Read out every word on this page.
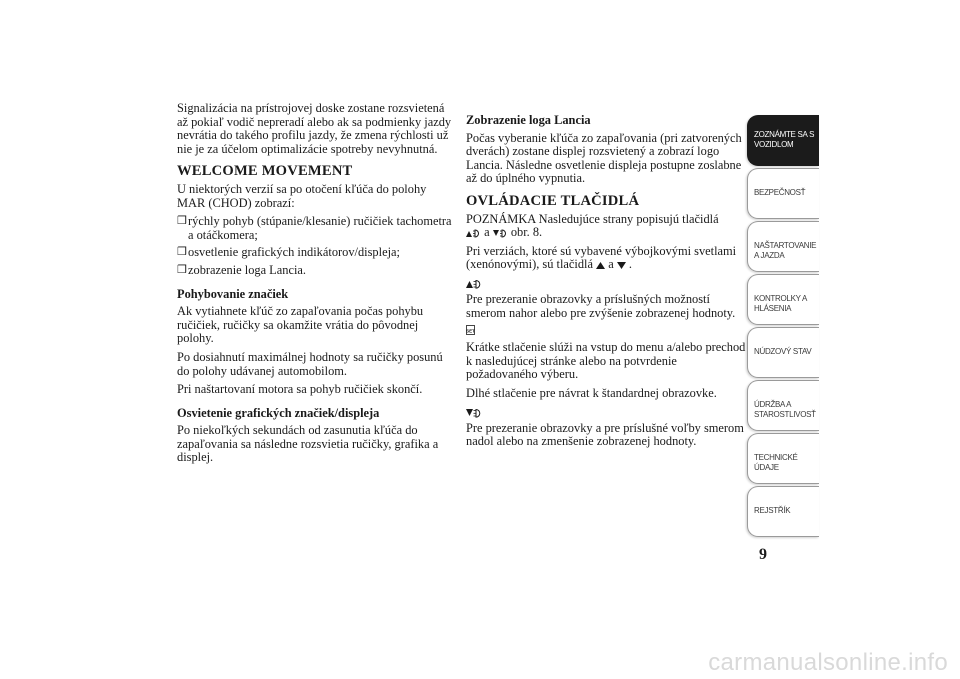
Signalizácia na prístrojovej doske zostane rozsvietená až pokiaľ vodič nepreradí alebo ak sa podmienky jazdy nevrátia do takého profilu jazdy, že zmena rýchlosti už nie je za účelom optimalizácie spotreby nevyhnutná.

WELCOME MOVEMENT

U niektorých verzií sa po otočení kľúča do polohy MAR (CHOD) zobrazí:

❒ rýchly pohyb (stúpanie/klesanie) ručičiek tachometra a otáčkomera;
❒ osvetlenie grafických indikátorov/displeja;
❒ zobrazenie loga Lancia.
Pohybovanie značiek

Ak vytiahnete kľúč zo zapaľovania počas pohybu ručičiek, ručičky sa okamžite vrátia do pôvodnej polohy.

Po dosiahnutí maximálnej hodnoty sa ručičky posunú do polohy udávanej automobilom.

Pri naštartovaní motora sa pohyb ručičiek skončí.

Osvietenie grafických značiek/displeja

Po niekoľkých sekundách od zasunutia kľúča do zapaľovania sa následne rozsvietia ručičky, grafika a displej.

Zobrazenie loga Lancia

Počas vyberanie kľúča zo zapaľovania (pri zatvorených dverách) zostane displej rozsvietený a zobrazí logo Lancia. Následne osvetlenie displeja postupne zoslabne až do úplného vypnutia.

OVLÁDACIE TLAČIDLÁ

POZNÁMKA Nasledujúce strany popisujú tlačidlá

a obr. 8.

Pri verziách, ktoré sú vybavené výbojkovými svetlami (xenónovými), sú tlačidlá a .

Pre prezeranie obrazovky a príslušných možností smerom nahor alebo pre zvýšenie zobrazenej hodnoty.

SET

Krátke stlačenie slúži na vstup do menu a/alebo prechod k nasledujúcej stránke alebo na potvrdenie požadovaného výberu.

Dlhé stlačenie pre návrat k štandardnej obrazovke.

Pre prezeranie obrazovky a pre príslušné voľby smerom nadol alebo na zmenšenie zobrazenej hodnoty.

ZOZNÁMTE SA S
VOZIDLOM
BEZPEČNOSŤ

NAŠTARTOVANIE
A JAZDA
KONTROLKY A
HLÁSENIA
NÚDZOVÝ STAV

ÚDRŽBA A
STAROSTLIVOSŤ
TECHNICKÉ
ÚDAJE
REJSTŘÍK

9
carmanualsonline.info
